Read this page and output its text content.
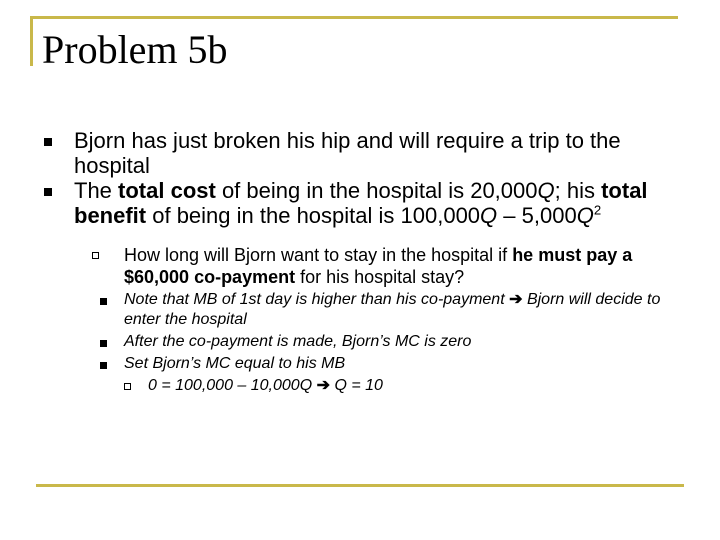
Problem 5b
Bjorn has just broken his hip and will require a trip to the hospital
The total cost of being in the hospital is 20,000Q; his total benefit of being in the hospital is $100,000Q - 5,000Q^2$
How long will Bjorn want to stay in the hospital if he must pay a $60,000 co-payment for his hospital stay?
Note that MB of 1st day is higher than his co-payment ➔ Bjorn will decide to enter the hospital
After the co-payment is made, Bjorn’s MC is zero
Set Bjorn’s MC equal to his MB
0 = 100,000 – 10,000Q ➔ Q = 10
